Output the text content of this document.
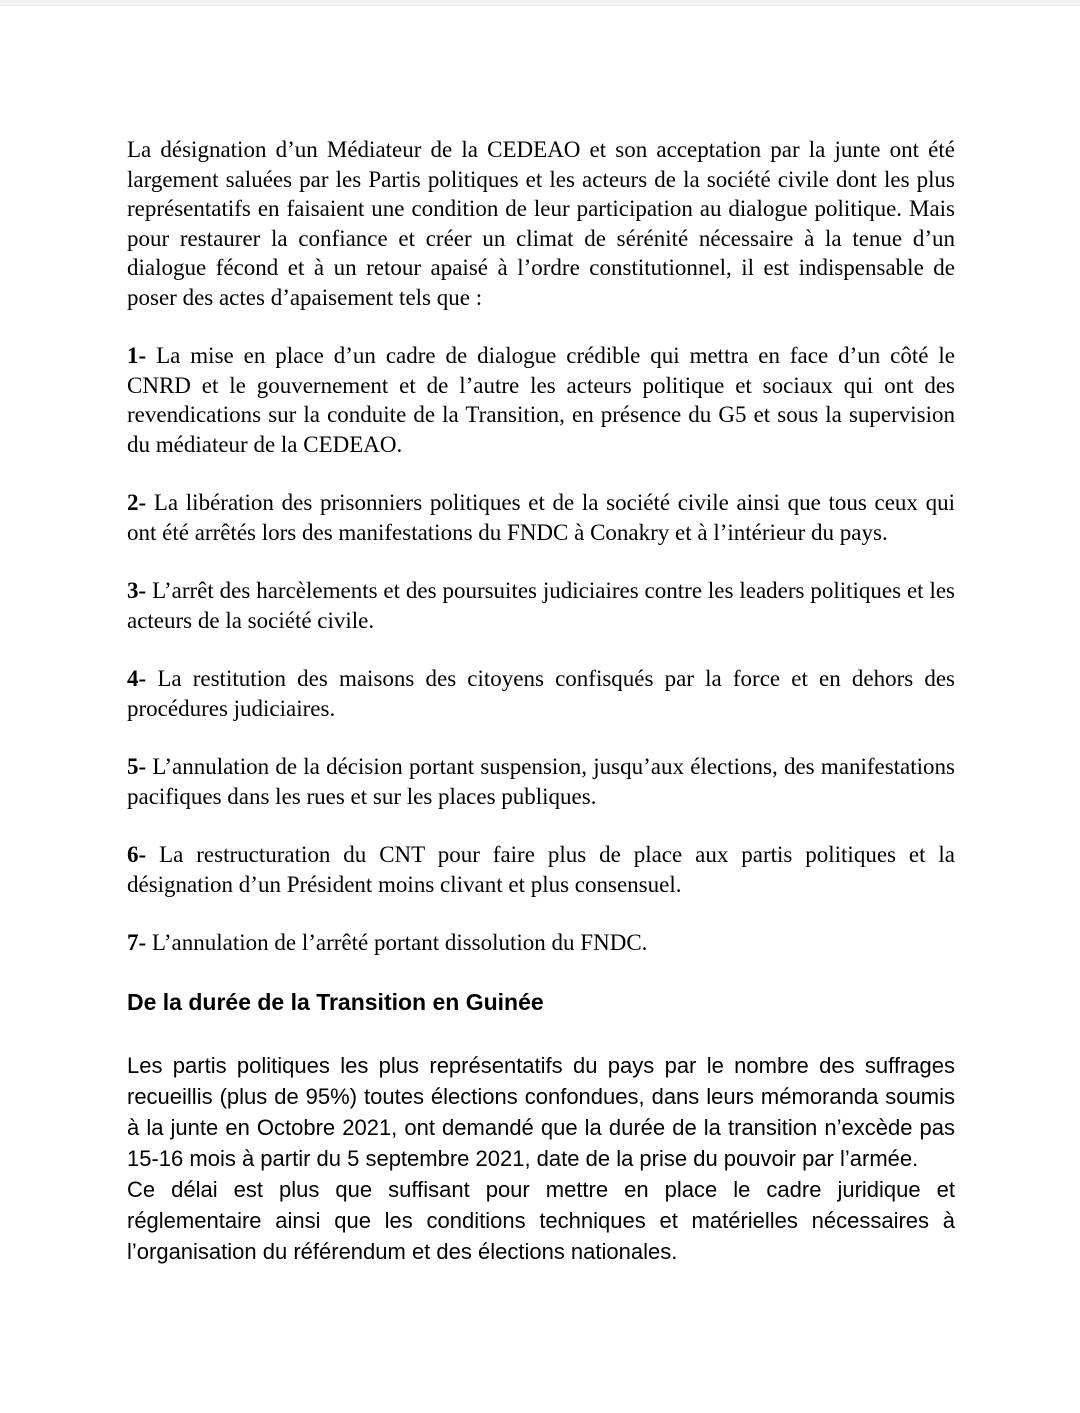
La désignation d’un Médiateur de la CEDEAO et son acceptation par la junte ont été largement saluées par les Partis politiques et les acteurs de la société civile dont les plus représentatifs en faisaient une condition de leur participation au dialogue politique. Mais pour restaurer la confiance et créer un climat de sérénité nécessaire à la tenue d’un dialogue fécond et à un retour apaisé à l’ordre constitutionnel, il est indispensable de poser des actes d’apaisement tels que :

1- La mise en place d’un cadre de dialogue crédible qui mettra en face d’un côté le CNRD et le gouvernement et de l’autre les acteurs politique et sociaux qui ont des revendications sur la conduite de la Transition, en présence du G5 et sous la supervision du médiateur de la CEDEAO.

2- La libération des prisonniers politiques et de la société civile ainsi que tous ceux qui ont été arrêtés lors des manifestations du FNDC à Conakry et à l’intérieur du pays.

3- L’arrêt des harcèlements et des poursuites judiciaires contre les leaders politiques et les acteurs de la société civile.

4- La restitution des maisons des citoyens confisqués par la force et en dehors des procédures judiciaires.

5- L’annulation de la décision portant suspension, jusqu’aux élections, des manifestations pacifiques dans les rues et sur les places publiques.

6- La restructuration du CNT pour faire plus de place aux partis politiques et la désignation d’un Président moins clivant et plus consensuel.

7- L’annulation de l’arrêté portant dissolution du FNDC.

De la durée de la Transition en Guinée

Les partis politiques les plus représentatifs du pays par le nombre des suffrages recueillis (plus de 95%) toutes élections confondues, dans leurs mémoranda soumis à la junte en Octobre 2021, ont demandé que la durée de la transition n’excède pas 15-16 mois à partir du 5 septembre 2021, date de la prise du pouvoir par l’armée.

Ce délai est plus que suffisant pour mettre en place le cadre juridique et réglementaire ainsi que les conditions techniques et matérielles nécessaires à l’organisation du référendum et des élections nationales.
